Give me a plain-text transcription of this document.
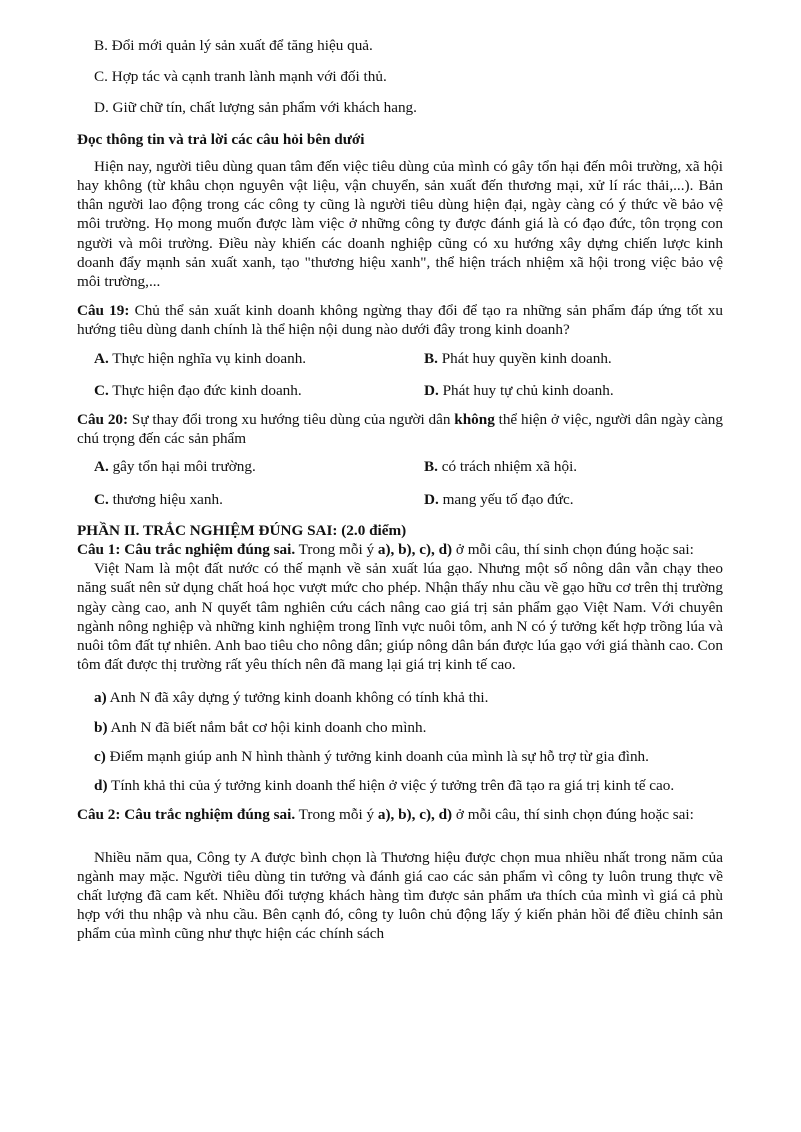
B. Đổi mới quản lý sản xuất để tăng hiệu quả.

C. Hợp tác và cạnh tranh lành mạnh với đối thủ.

D. Giữ chữ tín, chất lượng sản phẩm với khách hang.

Đọc thông tin và trả lời các câu hỏi bên dưới

Hiện nay, người tiêu dùng quan tâm đến việc tiêu dùng của mình có gây tổn hại đến môi trường, xã hội hay không (từ khâu chọn nguyên vật liệu, vận chuyển, sản xuất đến thương mại, xử lí rác thải,...). Bản thân người lao động trong các công ty cũng là người tiêu dùng hiện đại, ngày càng có ý thức về bảo vệ môi trường. Họ mong muốn được làm việc ở những công ty được đánh giá là có đạo đức, tôn trọng con người và môi trường. Điều này khiến các doanh nghiệp cũng có xu hướng xây dựng chiến lược kinh doanh đẩy mạnh sản xuất xanh, tạo "thương hiệu xanh", thể hiện trách nhiệm xã hội trong việc bảo vệ môi trường,...

Câu 19: Chủ thể sản xuất kinh doanh không ngừng thay đổi để tạo ra những sản phẩm đáp ứng tốt xu hướng tiêu dùng danh chính là thể hiện nội dung nào dưới đây trong kinh doanh?

A. Thực hiện nghĩa vụ kinh doanh.	B. Phát huy quyền kinh doanh.
C. Thực hiện đạo đức kinh doanh.	D. Phát huy tự chủ kinh doanh.

Câu 20: Sự thay đổi trong xu hướng tiêu dùng của người dân không thể hiện ở việc, người dân ngày càng chú trọng đến các sản phẩm

A. gây tổn hại môi trường.	B. có trách nhiệm xã hội.
C. thương hiệu xanh.	D. mang yếu tố đạo đức.

PHẦN II. TRẮC NGHIỆM ĐÚNG SAI: (2.0 điểm)

Câu 1: Câu trắc nghiệm đúng sai. Trong mỗi ý a), b), c), d) ở mỗi câu, thí sinh chọn đúng hoặc sai:

Việt Nam là một đất nước có thế mạnh về sản xuất lúa gạo. Nhưng một số nông dân vẫn chạy theo năng suất nên sử dụng chất hoá học vượt mức cho phép. Nhận thấy nhu cầu về gạo hữu cơ trên thị trường ngày càng cao, anh N quyết tâm nghiên cứu cách nâng cao giá trị sản phẩm gạo Việt Nam. Với chuyên ngành nông nghiệp và những kinh nghiệm trong lĩnh vực nuôi tôm, anh N có ý tưởng kết hợp trồng lúa và nuôi tôm đất tự nhiên. Anh bao tiêu cho nông dân; giúp nông dân bán được lúa gạo với giá thành cao. Con tôm đất được thị trường rất yêu thích nên đã mang lại giá trị kinh tế cao.

a) Anh N đã xây dựng ý tưởng kinh doanh không có tính khả thi.

b) Anh N đã biết nắm bắt cơ hội kinh doanh cho mình.

c) Điểm mạnh giúp anh N hình thành ý tưởng kinh doanh của mình là sự hỗ trợ từ gia đình.

d) Tính khả thi của ý tưởng kinh doanh thể hiện ở việc ý tưởng trên đã tạo ra giá trị kinh tế cao.

Câu 2: Câu trắc nghiệm đúng sai. Trong mỗi ý a), b), c), d) ở mỗi câu, thí sinh chọn đúng hoặc sai:

Nhiều năm qua, Công ty A được bình chọn là Thương hiệu được chọn mua nhiều nhất trong năm của ngành may mặc. Người tiêu dùng tin tưởng và đánh giá cao các sản phẩm vì công ty luôn trung thực về chất lượng đã cam kết. Nhiều đối tượng khách hàng tìm được sản phẩm ưa thích của mình vì giá cả phù hợp với thu nhập và nhu cầu. Bên cạnh đó, công ty luôn chủ động lấy ý kiến phản hồi để điều chỉnh sản phẩm của mình cũng như thực hiện các chính sách
